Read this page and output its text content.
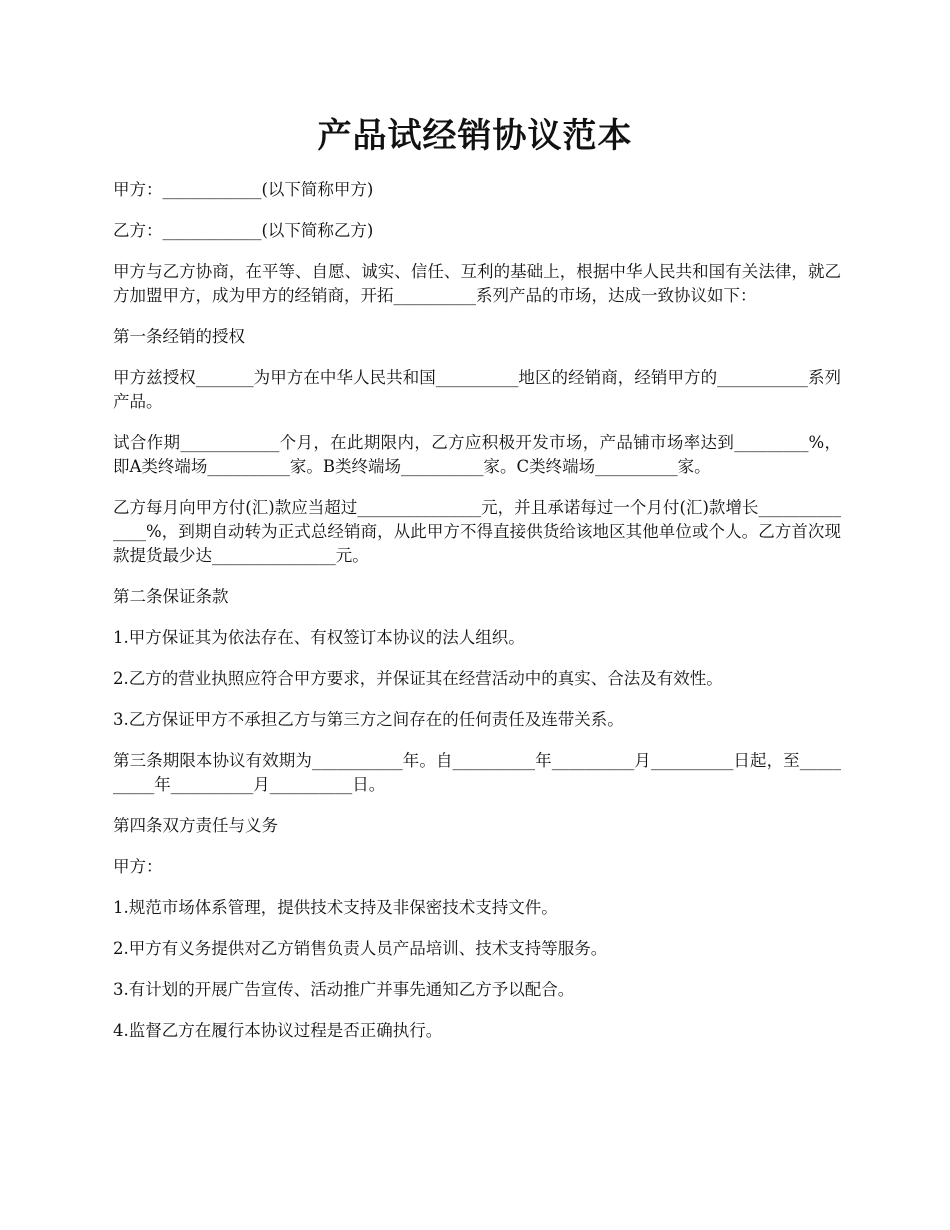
产品试经销协议范本

甲方：____________(以下简称甲方)

乙方：____________(以下简称乙方)

甲方与乙方协商，在平等、自愿、诚实、信任、互利的基础上，根据中华人民共和国有关法律，就乙方加盟甲方，成为甲方的经销商，开拓__________系列产品的市场，达成一致协议如下：

第一条经销的授权

甲方兹授权_______为甲方在中华人民共和国__________地区的经销商，经销甲方的___________系列产品。

试合作期____________个月，在此期限内，乙方应积极开发市场，产品铺市场率达到_________%，即A类终端场__________家。B类终端场__________家。C类终端场__________家。

乙方每月向甲方付(汇)款应当超过_______________元，并且承诺每过一个月付(汇)款增长______________%，到期自动转为正式总经销商，从此甲方不得直接供货给该地区其他单位或个人。乙方首次现款提货最少达_______________元。

第二条保证条款

1.甲方保证其为依法存在、有权签订本协议的法人组织。

2.乙方的营业执照应符合甲方要求，并保证其在经营活动中的真实、合法及有效性。

3.乙方保证甲方不承担乙方与第三方之间存在的任何责任及连带关系。

第三条期限本协议有效期为___________年。自__________年__________月__________日起，至__________年__________月__________日。

第四条双方责任与义务

甲方：

1.规范市场体系管理，提供技术支持及非保密技术支持文件。

2.甲方有义务提供对乙方销售负责人员产品培训、技术支持等服务。

3.有计划的开展广告宣传、活动推广并事先通知乙方予以配合。

4.监督乙方在履行本协议过程是否正确执行。
